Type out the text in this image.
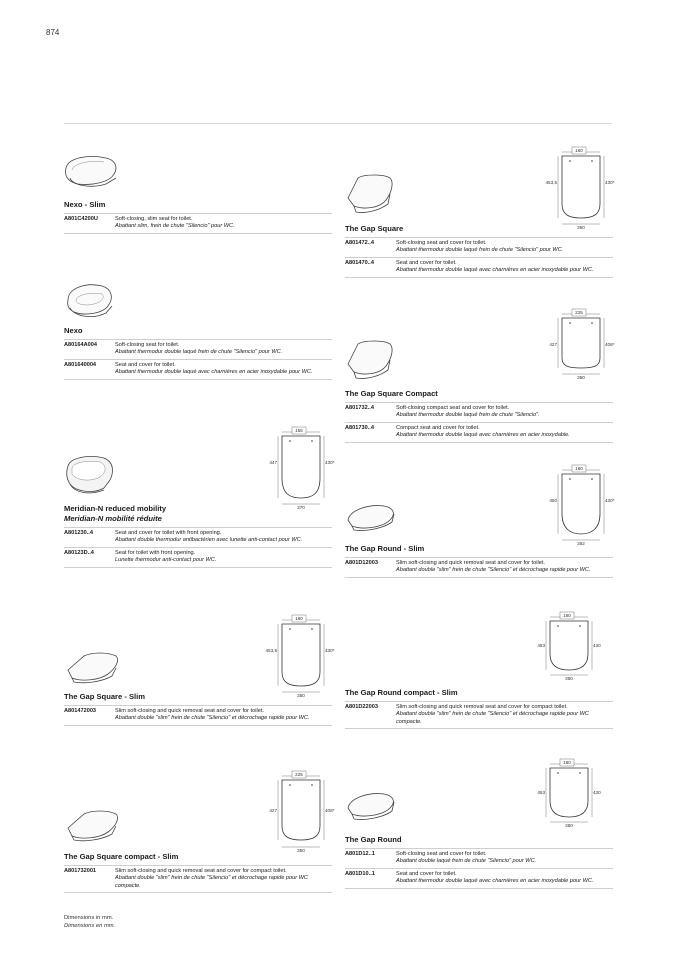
874
Nexo - Slim
A801C4200U	Soft-closing, slim seat for toilet.
Abattant slim, frein de chute "Silencio" pour WC.
Nexo
A80164A004	Soft-closing seat for toilet.
Abattant thermodur double laqué frein de chute "Silencio" pour WC.
A801640004	Seat and cover for toilet.
Abattant thermodur double laqué avec charnières en acier inoxydable pour WC.
155
447	430*
370
Meridian-N reduced mobility
Meridian-N mobilité réduite
A801230..4	Seat and cover for toilet with front opening.
Abattant double thermodur antibactérien avec lunette anti-contact pour WC.
A80123D..4	Seat for toilet with front opening.
Lunette thermodur anti-contact pour WC.
160
453,5	430*
350
The Gap Square - Slim
A801472003	Slim soft-closing and quick removal seat and cover for toilet.
Abattant double "slim" frein de chute "Silencio" et décrochage rapide pour WC.
225
427	408*
350
The Gap Square compact - Slim
A801732001	Slim soft-closing and quick removal seat and cover for compact toilet.
Abattant double "slim" frein de chute "Silencio" et décrochage rapide pour WC compacte.
160
453,5	430*
350
The Gap Square
A801472..4	Soft-closing seat and cover for toilet.
Abattant thermodur double laqué frein de chute "Silencio" pour WC.
A801470..4	Seat and cover for toilet.
Abattant thermodur double laqué avec charnières en acier inoxydable pour WC.
225
427	408*
350
The Gap Square Compact
A801732..4	Soft-closing compact seat and cover for toilet.
Abattant thermodur double laqué frein de chute "Silencio".
A801730..4	Compact seat and cover for toilet.
Abattant thermodur double laqué avec charnières en acier inoxydable.
160
450	430*
362
The Gap Round - Slim
A801D12003	Slim soft-closing and quick removal seat and cover for toilet.
Abattant double "slim" frein de chute "Silencio" et décrochage rapide pour WC.
160
453	430
350
The Gap Round compact - Slim
A801D22003	Slim soft-closing and quick removal seat and cover for compact toilet.
Abattant double "slim" frein de chute "Silencio" et décrochage rapide pour WC compacte.
160
453	430
360
The Gap Round
A801D12..1	Soft-closing seat and cover for toilet.
Abattant double laqué frein de chute "Silencio" pour WC.
A801D10..1	Seat and cover for toilet.
Abattant thermodur double laqué avec charnières en acier inoxydable pour WC.
Dimensions in mm.
Dimensions en mm.
